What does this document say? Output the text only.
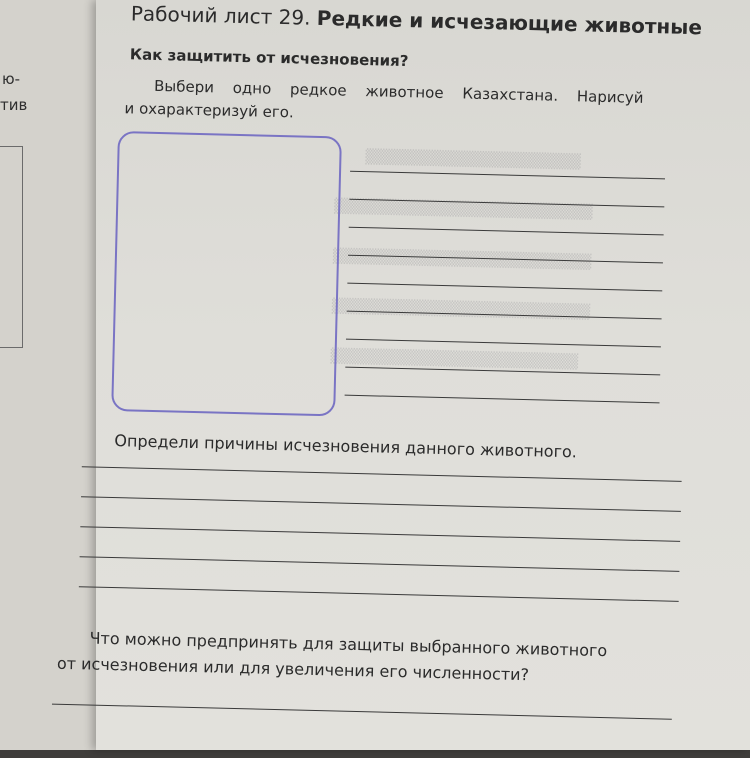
ю-
тив
▒▒▒▒▒▒▒▒▒▒▒▒▒▒▒▒▒▒▒▒
▒▒▒▒▒▒▒▒▒▒▒▒▒▒▒▒▒▒▒▒▒▒▒▒
▒▒▒▒▒▒▒▒▒▒▒▒▒▒▒▒▒▒▒▒▒▒▒▒
▒▒▒▒▒▒▒▒▒▒▒▒▒▒▒▒▒▒▒▒▒▒▒▒
▒▒▒▒▒▒▒▒▒▒▒▒▒▒▒▒▒▒▒▒▒▒▒
Рабочий лист 29. Редкие и исчезающие животные
Как защитить от исчезновения?
Выбери одно редкое животное Казахстана. Нарисуй
и охарактеризуй его.
Определи причины исчезновения данного животного.
Что можно предпринять для защиты выбранного животного
от исчезновения или для увеличения его численности?
